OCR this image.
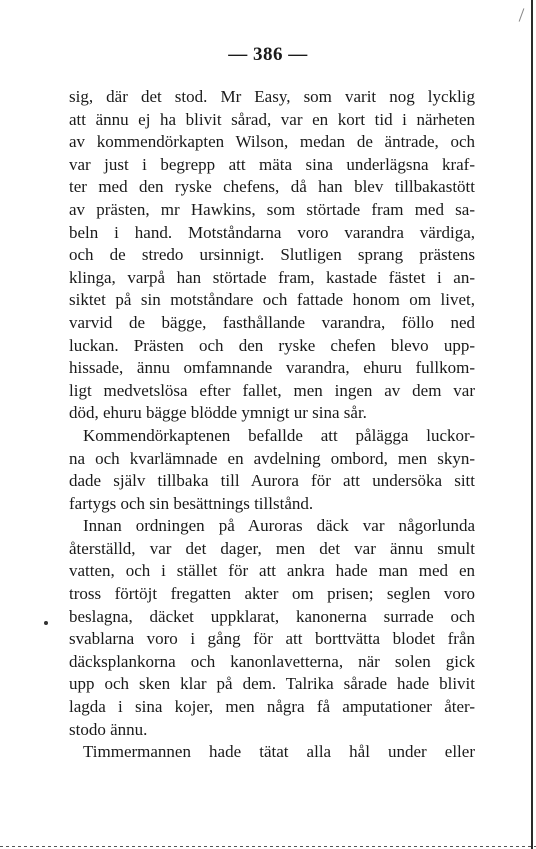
— 386 —
sig, där det stod. Mr Easy, som varit nog lycklig
att ännu ej ha blivit sårad, var en kort tid i närheten
av kommendörkapten Wilson, medan de äntrade, och
var just i begrepp att mäta sina underlägsna kraf-
ter med den ryske chefens, då han blev tillbakastött
av prästen, mr Hawkins, som störtade fram med sa-
beln i hand. Motståndarna voro varandra värdiga,
och de stredo ursinnigt. Slutligen sprang prästens
klinga, varpå han störtade fram, kastade fästet i an-
siktet på sin motståndare och fattade honom om livet,
varvid de bägge, fasthållande varandra, föllo ned
luckan. Prästen och den ryske chefen blevo upp-
hissade, ännu omfamnande varandra, ehuru fullkom-
ligt medvetslösa efter fallet, men ingen av dem var
död, ehuru bägge blödde ymnigt ur sina sår.
Kommendörkaptenen befallde att pålägga luckor-
na och kvarlämnade en avdelning ombord, men skyn-
dade själv tillbaka till Aurora för att undersöka sitt
fartygs och sin besättnings tillstånd.
Innan ordningen på Auroras däck var någorlunda
återställd, var det dager, men det var ännu smult
vatten, och i stället för att ankra hade man med en
tross förtöjt fregatten akter om prisen; seglen voro
beslagna, däcket uppklarat, kanonerna surrade och
svablarna voro i gång för att borttvätta blodet från
däcksplankorna och kanonlavetterna, när solen gick
upp och sken klar på dem. Talrika sårade hade blivit
lagda i sina kojer, men några få amputationer åter-
stodo ännu.
Timmermannen hade tätat alla hål under eller
